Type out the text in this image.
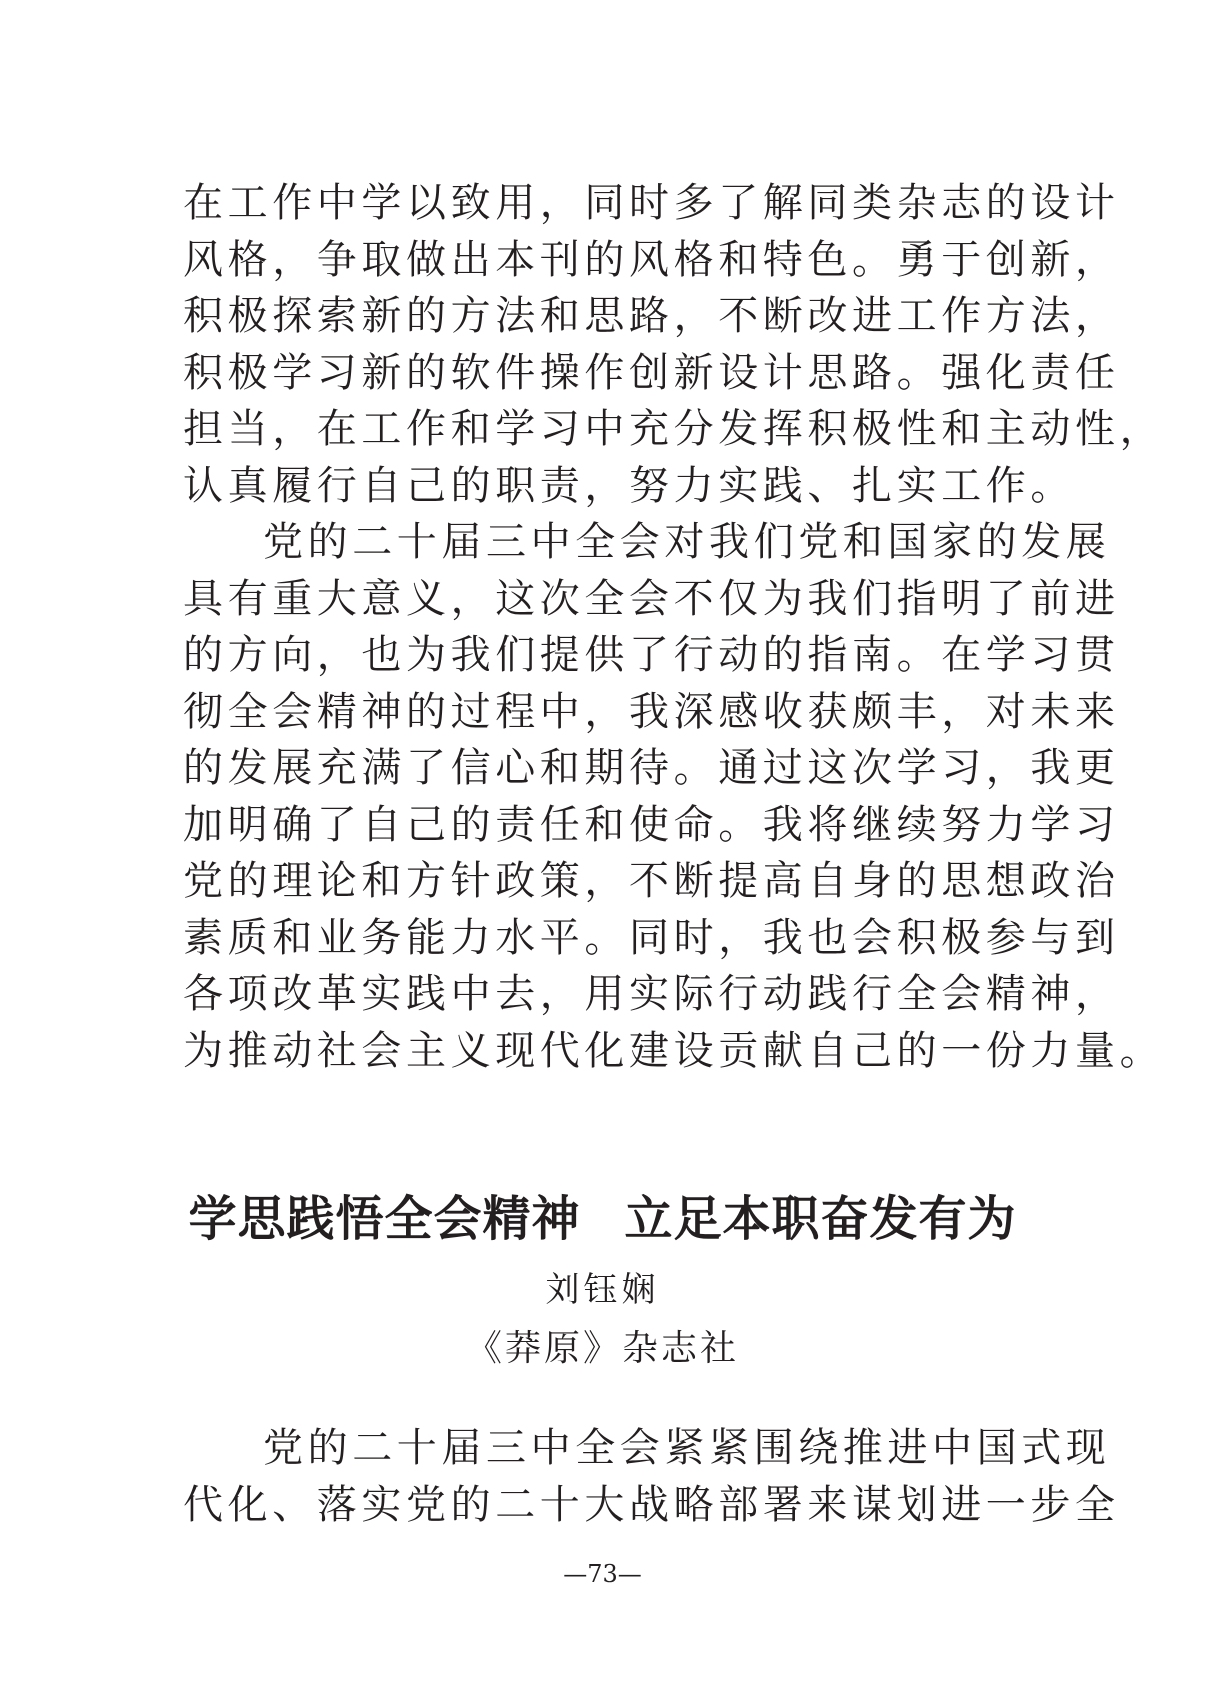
在工作中学以致用，同时多了解同类杂志的设计
风格，争取做出本刊的风格和特色。勇于创新，
积极探索新的方法和思路，不断改进工作方法，
积极学习新的软件操作创新设计思路。强化责任
担当，在工作和学习中充分发挥积极性和主动性，
认真履行自己的职责，努力实践、扎实工作。
党的二十届三中全会对我们党和国家的发展
具有重大意义，这次全会不仅为我们指明了前进
的方向，也为我们提供了行动的指南。在学习贯
彻全会精神的过程中，我深感收获颇丰，对未来
的发展充满了信心和期待。通过这次学习，我更
加明确了自己的责任和使命。我将继续努力学习
党的理论和方针政策，不断提高自身的思想政治
素质和业务能力水平。同时，我也会积极参与到
各项改革实践中去，用实际行动践行全会精神，
为推动社会主义现代化建设贡献自己的一份力量。
学思践悟全会精神 立足本职奋发有为
刘钰娴
《莽原》杂志社
党的二十届三中全会紧紧围绕推进中国式现
代化、落实党的二十大战略部署来谋划进一步全
—73—
